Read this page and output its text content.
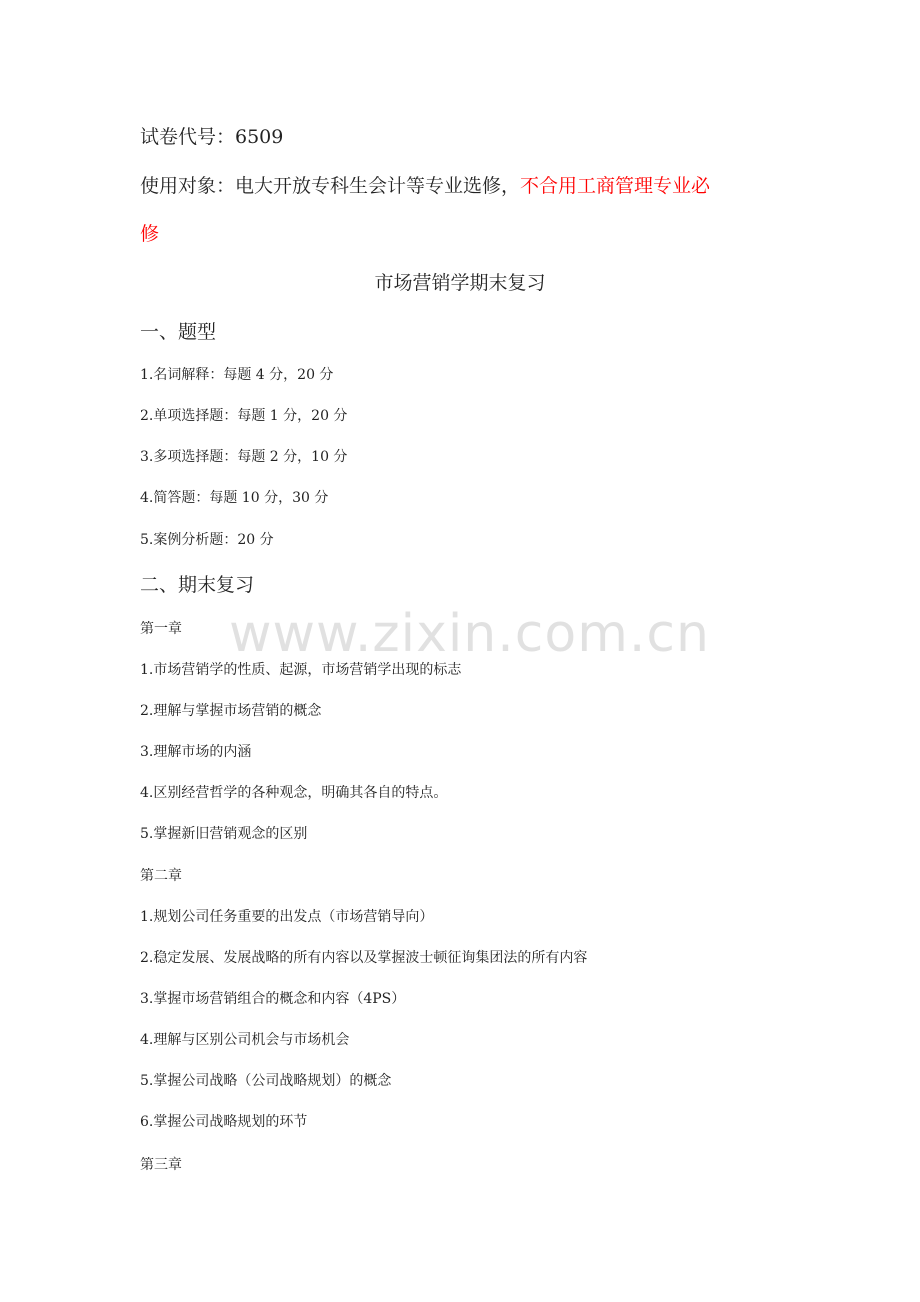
试卷代号：6509
使用对象：电大开放专科生会计等专业选修，不合用工商管理专业必
修
市场营销学期末复习
一、题型
1.名词解释：每题 4 分，20 分
2.单项选择题：每题 1 分，20 分
3.多项选择题：每题 2 分，10 分
4.简答题：每题 10 分，30 分
5.案例分析题：20 分
二、期末复习
第一章
1.市场营销学的性质、起源，市场营销学出现的标志
2.理解与掌握市场营销的概念
3.理解市场的内涵
4.区别经营哲学的各种观念，明确其各自的特点。
5.掌握新旧营销观念的区别
第二章
1.规划公司任务重要的出发点（市场营销导向）
2.稳定发展、发展战略的所有内容以及掌握波士顿征询集团法的所有内容
3.掌握市场营销组合的概念和内容（4PS）
4.理解与区别公司机会与市场机会
5.掌握公司战略（公司战略规划）的概念
6.掌握公司战略规划的环节
第三章
www.zixin.com.cn
